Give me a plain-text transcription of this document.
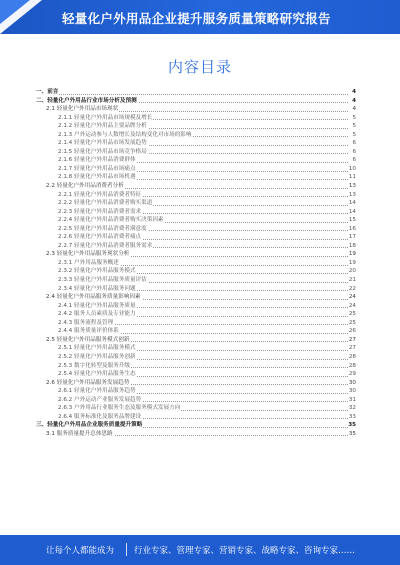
轻量化户外用品企业提升服务质量策略研究报告
内容目录
一、前言	4
二、轻量化户外用品行业市场分析及预测	4
2.1 轻量化户外用品市场现状	4
2.1.1 轻量化户外用品市场规模及增长	5
2.1.2 轻量化户外用品主要品牌分析	5
2.1.3 户外运动参与人数增长及结构变化对市场的影响	5
2.1.4 轻量化户外用品市场发展趋势	6
2.1.5 轻量化户外用品市场竞争格局	6
2.1.6 轻量化户外用品消费群体	6
2.1.7 轻量化户外用品市场痛点	10
2.1.8 轻量化户外用品市场机遇	11
2.2 轻量化户外用品消费者分析	13
2.2.1 轻量化户外用品消费者特征	13
2.2.2 轻量化户外用品消费者购买渠道	14
2.2.3 轻量化户外用品消费者需求	14
2.2.4 轻量化户外用品消费者购买决策因素	15
2.2.5 轻量化户外用品消费者满意度	16
2.2.6 轻量化户外用品消费者痛点	17
2.2.7 轻量化户外用品消费者服务需求	18
2.3 轻量化户外用品服务现状分析	19
2.3.1 户外用品服务概述	19
2.3.2 轻量化户外用品服务模式	20
2.3.3 轻量化户外用品服务质量评估	21
2.3.4 轻量化户外用品服务问题	22
2.4 轻量化户外用品服务质量影响因素	24
2.4.1 轻量化户外用品服务质量	24
2.4.2 服务人员素质及专业能力	25
2.4.3 服务流程及管理	25
2.4.4 服务质量评价体系	26
2.5 轻量化户外用品服务模式创新	27
2.5.1 轻量化户外用品服务模式	27
2.5.2 轻量化户外用品服务创新	28
2.5.3 数字化转型及服务升级	28
2.5.4 轻量化户外用品服务生态	29
2.6 轻量化户外用品服务发展趋势	30
2.6.1 轻量化户外用品服务趋势	30
2.6.2 户外运动产业服务发展趋势	31
2.6.3 户外用品行业服务生态及服务模式发展方向	32
2.6.4 服务标准化及服务品牌建设	33
三、轻量化户外用品企业服务质量提升策略	35
3.1 服务质量提升总体思路	35
让每个人都能成为 行业专家、管理专家、营销专家、战略专家、咨询专家……
